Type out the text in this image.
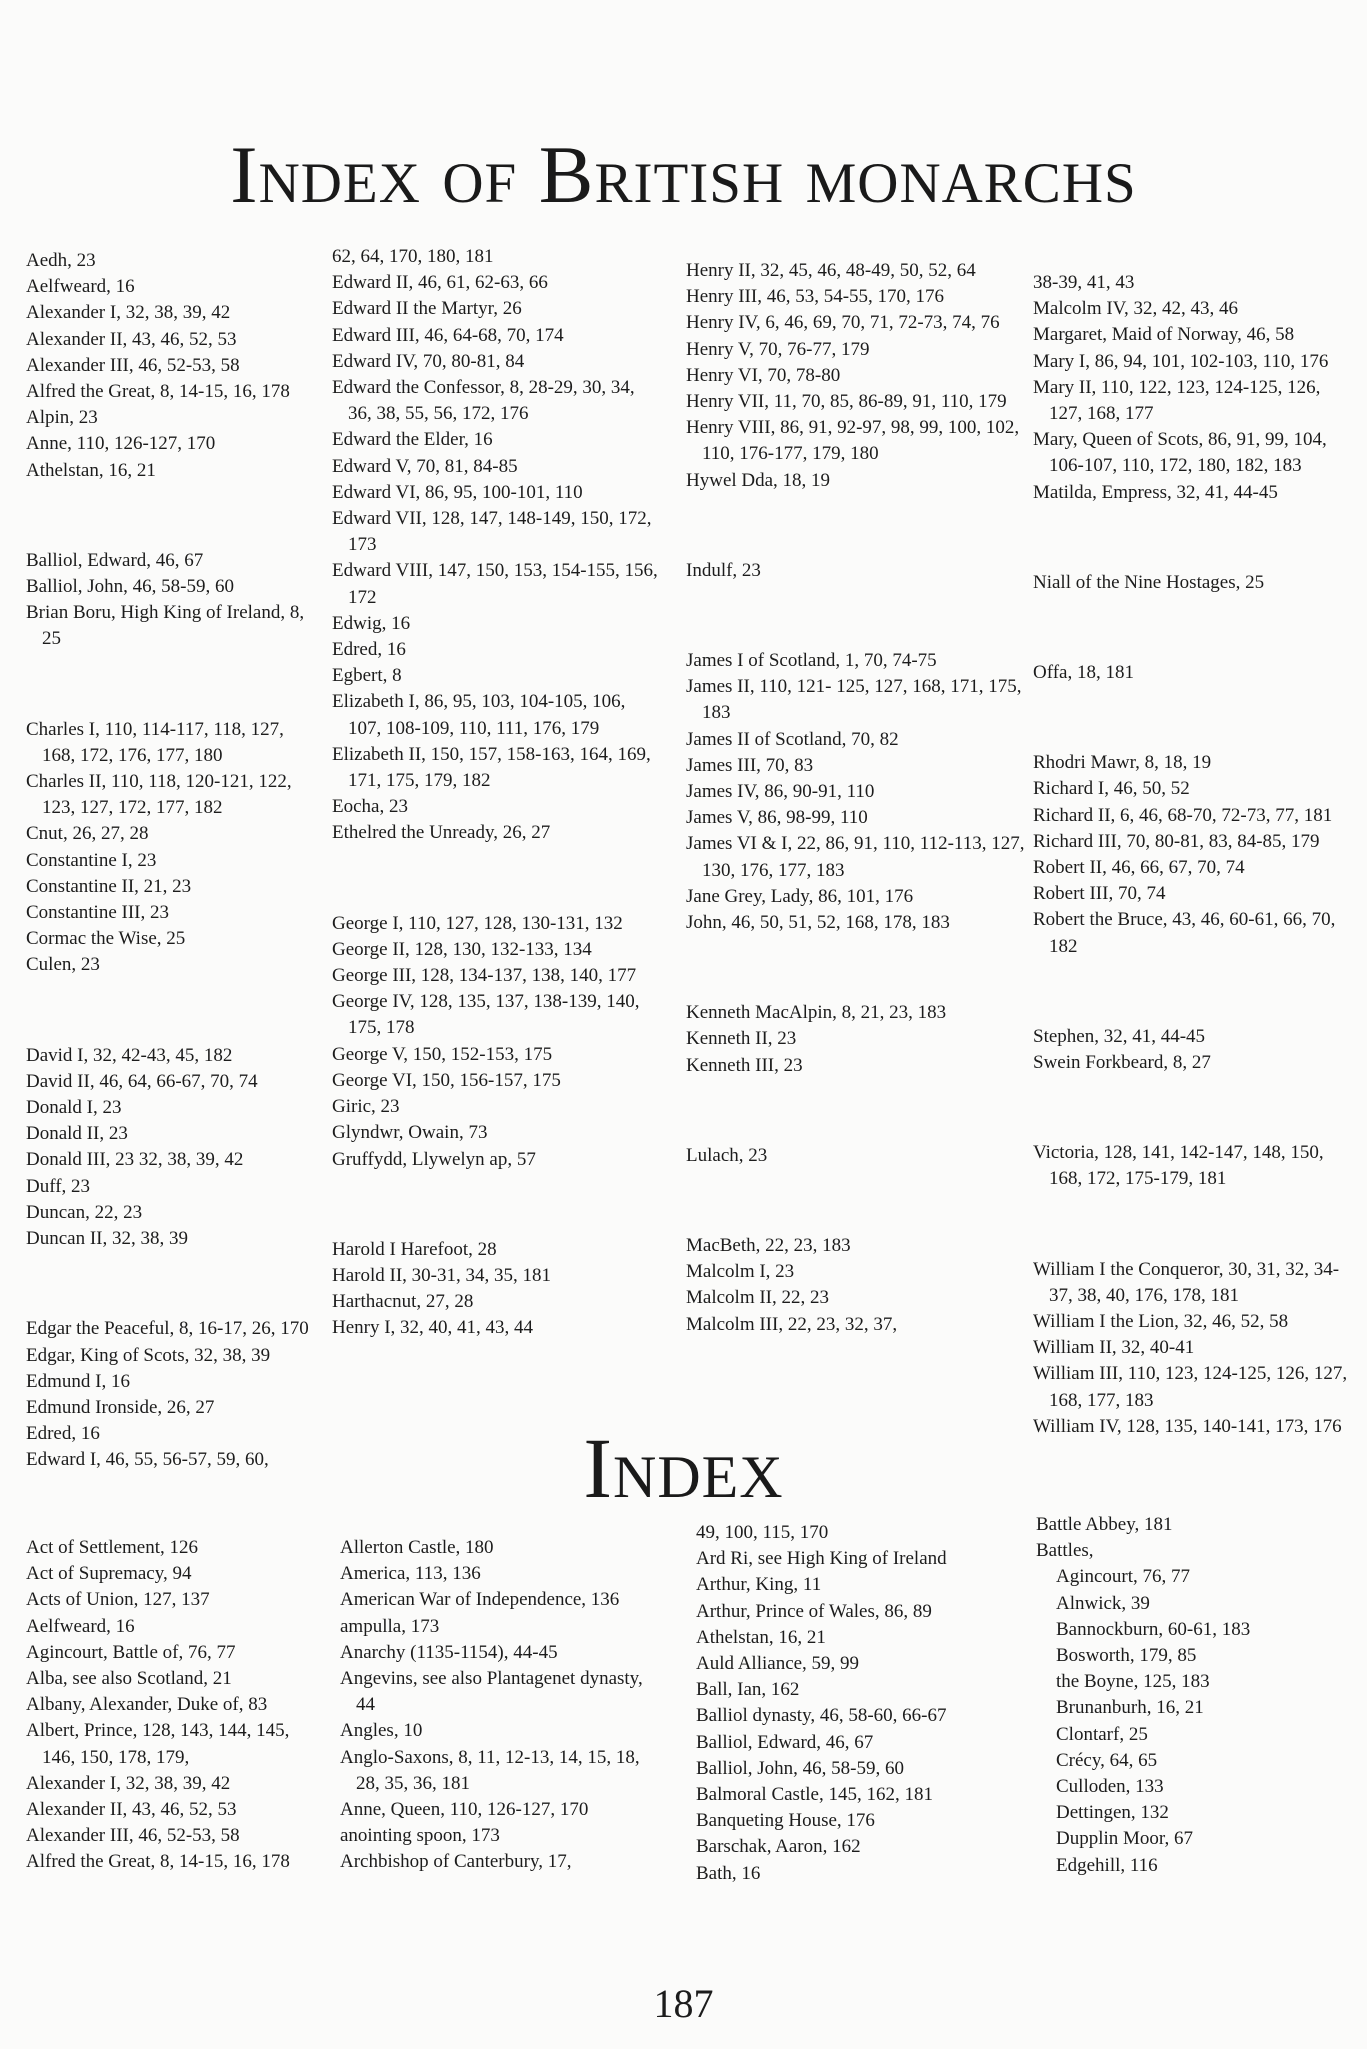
Index of British monarchs

Aedh, 23

Aelfweard, 16

Alexander I, 32, 38, 39, 42

Alexander II, 43, 46, 52, 53

Alexander III, 46, 52-53, 58

Alfred the Great, 8, 14-15, 16, 178

Alpin, 23

Anne, 110, 126-127, 170

Athelstan, 16, 21

Balliol, Edward, 46, 67

Balliol, John, 46, 58-59, 60

Brian Boru, High King of Ireland, 8, 25

Charles I, 110, 114-117, 118, 127, 168, 172, 176, 177, 180

Charles II, 110, 118, 120-121, 122, 123, 127, 172, 177, 182

Cnut, 26, 27, 28

Constantine I, 23

Constantine II, 21, 23

Constantine III, 23

Cormac the Wise, 25

Culen, 23

David I, 32, 42-43, 45, 182

David II, 46, 64, 66-67, 70, 74

Donald I, 23

Donald II, 23

Donald III, 23 32, 38, 39, 42

Duff, 23

Duncan, 22, 23

Duncan II, 32, 38, 39

Edgar the Peaceful, 8, 16-17, 26, 170

Edgar, King of Scots, 32, 38, 39

Edmund I, 16

Edmund Ironside, 26, 27

Edred, 16

Edward I, 46, 55, 56-57, 59, 60,

62, 64, 170, 180, 181

Edward II, 46, 61, 62-63, 66

Edward II the Martyr, 26

Edward III, 46, 64-68, 70, 174

Edward IV, 70, 80-81, 84

Edward the Confessor, 8, 28-29, 30, 34, 36, 38, 55, 56, 172, 176

Edward the Elder, 16

Edward V, 70, 81, 84-85

Edward VI, 86, 95, 100-101, 110

Edward VII, 128, 147, 148-149, 150, 172, 173

Edward VIII, 147, 150, 153, 154-155, 156, 172

Edwig, 16

Edred, 16

Egbert, 8

Elizabeth I, 86, 95, 103, 104-105, 106, 107, 108-109, 110, 111, 176, 179

Elizabeth II, 150, 157, 158-163, 164, 169, 171, 175, 179, 182

Eochа, 23

Ethelred the Unready, 26, 27

George I, 110, 127, 128, 130-131, 132

George II, 128, 130, 132-133, 134

George III, 128, 134-137, 138, 140, 177

George IV, 128, 135, 137, 138-139, 140, 175, 178

George V, 150, 152-153, 175

George VI, 150, 156-157, 175

Giric, 23

Glyndwr, Owain, 73

Gruffydd, Llywelyn ap, 57

Harold I Harefoot, 28

Harold II, 30-31, 34, 35, 181

Harthacnut, 27, 28

Henry I, 32, 40, 41, 43, 44

Henry II, 32, 45, 46, 48-49, 50, 52, 64

Henry III, 46, 53, 54-55, 170, 176

Henry IV, 6, 46, 69, 70, 71, 72-73, 74, 76

Henry V, 70, 76-77, 179

Henry VI, 70, 78-80

Henry VII, 11, 70, 85, 86-89, 91, 110, 179

Henry VIII, 86, 91, 92-97, 98, 99, 100, 102, 110, 176-177, 179, 180

Hywel Dda, 18, 19

Indulf, 23

James I of Scotland, 1, 70, 74-75

James II, 110, 121- 125, 127, 168, 171, 175, 183

James II of Scotland, 70, 82

James III, 70, 83

James IV, 86, 90-91, 110

James V, 86, 98-99, 110

James VI & I, 22, 86, 91, 110, 112-113, 127, 130, 176, 177, 183

Jane Grey, Lady, 86, 101, 176

John, 46, 50, 51, 52, 168, 178, 183

Kenneth MacAlpin, 8, 21, 23, 183

Kenneth II, 23

Kenneth III, 23

Lulach, 23

MacBeth, 22, 23, 183

Malcolm I, 23

Malcolm II, 22, 23

Malcolm III, 22, 23, 32, 37,

38-39, 41, 43

Malcolm IV, 32, 42, 43, 46

Margaret, Maid of Norway, 46, 58

Mary I, 86, 94, 101, 102-103, 110, 176

Mary II, 110, 122, 123, 124-125, 126, 127, 168, 177

Mary, Queen of Scots, 86, 91, 99, 104, 106-107, 110, 172, 180, 182, 183

Matilda, Empress, 32, 41, 44-45

Niall of the Nine Hostages, 25

Offa, 18, 181

Rhodri Mawr, 8, 18, 19

Richard I, 46, 50, 52

Richard II, 6, 46, 68-70, 72-73, 77, 181

Richard III, 70, 80-81, 83, 84-85, 179

Robert II, 46, 66, 67, 70, 74

Robert III, 70, 74

Robert the Bruce, 43, 46, 60-61, 66, 70, 182

Stephen, 32, 41, 44-45

Swein Forkbeard, 8, 27

Victoria, 128, 141, 142-147, 148, 150, 168, 172, 175-179, 181

William I the Conqueror, 30, 31, 32, 34-37, 38, 40, 176, 178, 181

William I the Lion, 32, 46, 52, 58

William II, 32, 40-41

William III, 110, 123, 124-125, 126, 127, 168, 177, 183

William IV, 128, 135, 140-141, 173, 176

Index

Act of Settlement, 126

Act of Supremacy, 94

Acts of Union, 127, 137

Aelfweard, 16

Agincourt, Battle of, 76, 77

Alba, see also Scotland, 21

Albany, Alexander, Duke of, 83

Albert, Prince, 128, 143, 144, 145, 146, 150, 178, 179,

Alexander I, 32, 38, 39, 42

Alexander II, 43, 46, 52, 53

Alexander III, 46, 52-53, 58

Alfred the Great, 8, 14-15, 16, 178

Allerton Castle, 180

America, 113, 136

American War of Independence, 136

ampulla, 173

Anarchy (1135-1154), 44-45

Angevins, see also Plantagenet dynasty, 44

Angles, 10

Anglo-Saxons, 8, 11, 12-13, 14, 15, 18, 28, 35, 36, 181

Anne, Queen, 110, 126-127, 170

anointing spoon, 173

Archbishop of Canterbury, 17,

49, 100, 115, 170

Ard Ri, see High King of Ireland

Arthur, King, 11

Arthur, Prince of Wales, 86, 89

Athelstan, 16, 21

Auld Alliance, 59, 99

Ball, Ian, 162

Balliol dynasty, 46, 58-60, 66-67

Balliol, Edward, 46, 67

Balliol, John, 46, 58-59, 60

Balmoral Castle, 145, 162, 181

Banqueting House, 176

Barschak, Aaron, 162

Bath, 16

Battle Abbey, 181

Battles,

Agincourt, 76, 77

Alnwick, 39

Bannockburn, 60-61, 183

Bosworth, 179, 85

the Boyne, 125, 183

Brunanburh, 16, 21

Clontarf, 25

Crécy, 64, 65

Culloden, 133

Dettingen, 132

Dupplin Moor, 67

Edgehill, 116

187
